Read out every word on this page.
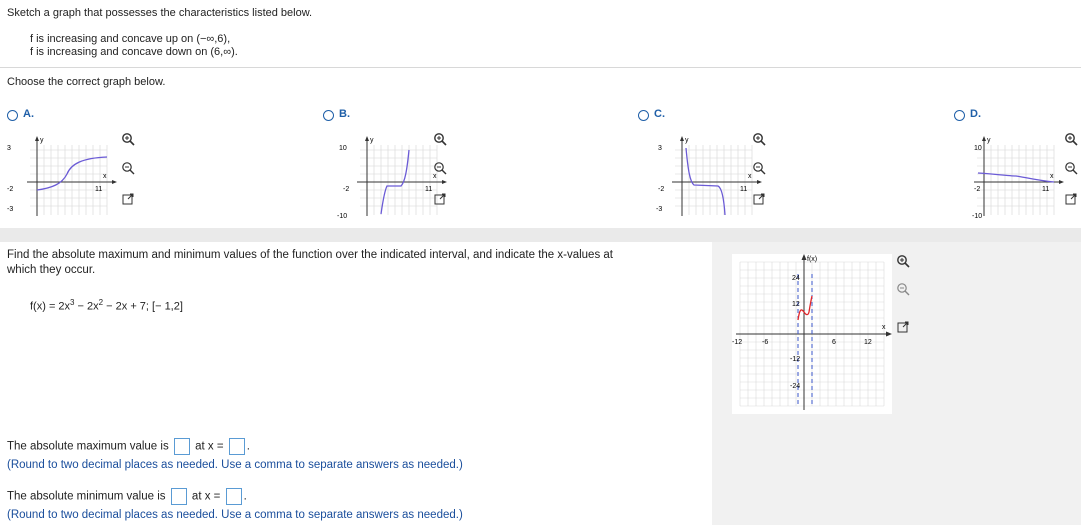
Sketch a graph that possesses the characteristics listed below.
f is increasing and concave up on (−∞,6),
f is increasing and concave down on (6,∞).
Choose the correct graph below.
A.
y
x
3
-3
-2	11
B.
y
x
10
-10
-2	11
C.
y
x
3
-3
-2	11
D.
y
x
10
-10
-2	11
Find the absolute maximum and minimum values of the function over the indicated interval, and indicate the x-values at
which they occur.
$f(x) = 2x^3 - 2x^2 - 2x + 7$; [− 1,2]
f(x)
x
24
12
-12
-24
-12	-6	6	12
The absolute maximum value is at x = .
(Round to two decimal places as needed. Use a comma to separate answers as needed.)
The absolute minimum value is at x = .
(Round to two decimal places as needed. Use a comma to separate answers as needed.)
